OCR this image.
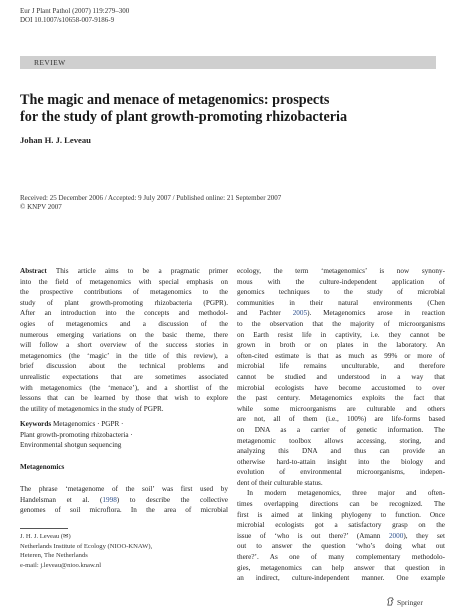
Eur J Plant Pathol (2007) 119:279–300
DOI 10.1007/s10658-007-9186-9
REVIEW
The magic and menace of metagenomics: prospects
for the study of plant growth-promoting rhizobacteria
Johan H. J. Leveau
Received: 25 December 2006 / Accepted: 9 July 2007 / Published online: 21 September 2007
© KNPV 2007
Abstract This article aims to be a pragmatic primer
into the field of metagenomics with special emphasis on
the prospective contributions of metagenomics to the
study of plant growth-promoting rhizobacteria (PGPR).
After an introduction into the concepts and methodol-
ogies of metagenomics and a discussion of the
numerous emerging variations on the basic theme, there
will follow a short overview of the success stories in
metagenomics (the ‘magic’ in the title of this review), a
brief discussion about the technical problems and
unrealistic expectations that are sometimes associated
with metagenomics (the ‘menace’), and a shortlist of the
lessons that can be learned by those that wish to explore
the utility of metagenomics in the study of PGPR.
Keywords Metagenomics · PGPR ·
Plant growth-promoting rhizobacteria ·
Environmental shotgun sequencing
Metagenomics
The phrase ‘metagenome of the soil’ was first used by
Handelsman et al. (1998) to describe the collective
genomes of soil microflora. In the area of microbial
J. H. J. Leveau (✉)
Netherlands Institute of Ecology (NIOO-KNAW),
Heteren, The Netherlands
e-mail: j.leveau@nioo.knaw.nl
ecology, the term ‘metagenomics’ is now synony-
mous with the culture-independent application of
genomics techniques to the study of microbial
communities in their natural environments (Chen
and Pachter 2005). Metagenomics arose in reaction
to the observation that the majority of microorganisms
on Earth resist life in captivity, i.e. they cannot be
grown in broth or on plates in the laboratory. An
often-cited estimate is that as much as 99% or more of
microbial life remains unculturable, and therefore
cannot be studied and understood in a way that
microbial ecologists have become accustomed to over
the past century. Metagenomics exploits the fact that
while some microorganisms are culturable and others
are not, all of them (i.e., 100%) are life-forms based
on DNA as a carrier of genetic information. The
metagenomic toolbox allows accessing, storing, and
analyzing this DNA and thus can provide an
otherwise hard-to-attain insight into the biology and
evolution of environmental microorganisms, indepen-
dent of their culturable status.
In modern metagenomics, three major and often-
times overlapping directions can be recognized. The
first is aimed at linking phylogeny to function. Once
microbial ecologists got a satisfactory grasp on the
issue of ‘who is out there?’ (Amann 2000), they set
out to answer the question ‘who’s doing what out
there?’. As one of many complementary methodolo-
gies, metagenomics can help answer that question in
an indirect, culture-independent manner. One example
Springer
